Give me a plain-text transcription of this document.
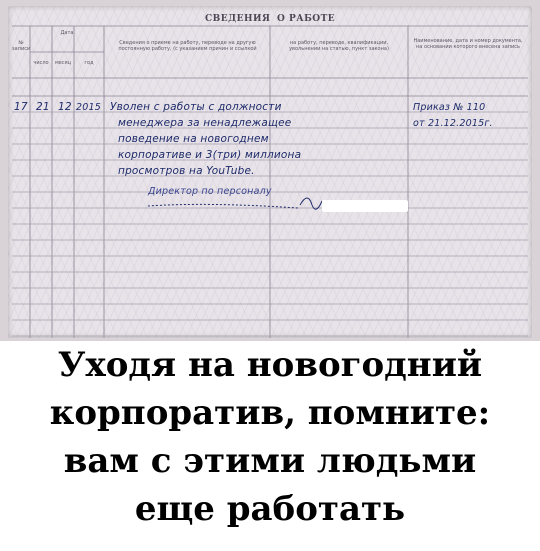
СВЕДЕНИЯ О РАБОТЕ
№ записи
Дата
число	месяц	год
Сведения о приеме на работу, переводе на другую постоянную работу, (с указанием причин и ссылкой
на работу, переводе, квалификации, увольнении на статью, пункт закона)
Наименование, дата и номер документа, на основании которого внесена запись
17 21 12 2015 Уволен с работы с должности
менеджера за ненадлежащее
поведение на новогоднем
корпоративе и 3(три) миллиона
просмотров на YouTube.
Директор по персоналу
Приказ № 110
от 21.12.2015г.
Уходя на новогодний
корпоратив, помните:
вам с этими людьми
еще работать
